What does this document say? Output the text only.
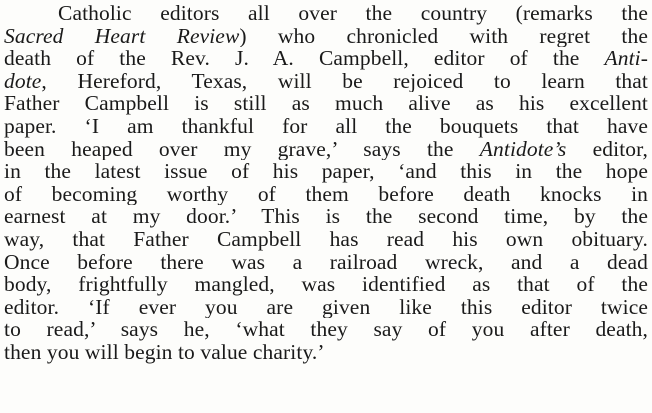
Catholic editors all over the country (remarks the
Sacred Heart Review) who chronicled with regret the
death of the Rev. J. A. Campbell, editor of the Anti-
dote, Hereford, Texas, will be rejoiced to learn that
Father Campbell is still as much alive as his excellent
paper. ‘I am thankful for all the bouquets that have
been heaped over my grave,’ says the Antidote’s editor,
in the latest issue of his paper, ‘and this in the hope
of becoming worthy of them before death knocks in
earnest at my door.’ This is the second time, by the
way, that Father Campbell has read his own obituary.
Once before there was a railroad wreck, and a dead
body, frightfully mangled, was identified as that of the
editor. ‘If ever you are given like this editor twice
to read,’ says he, ‘what they say of you after death,
then you will begin to value charity.’
